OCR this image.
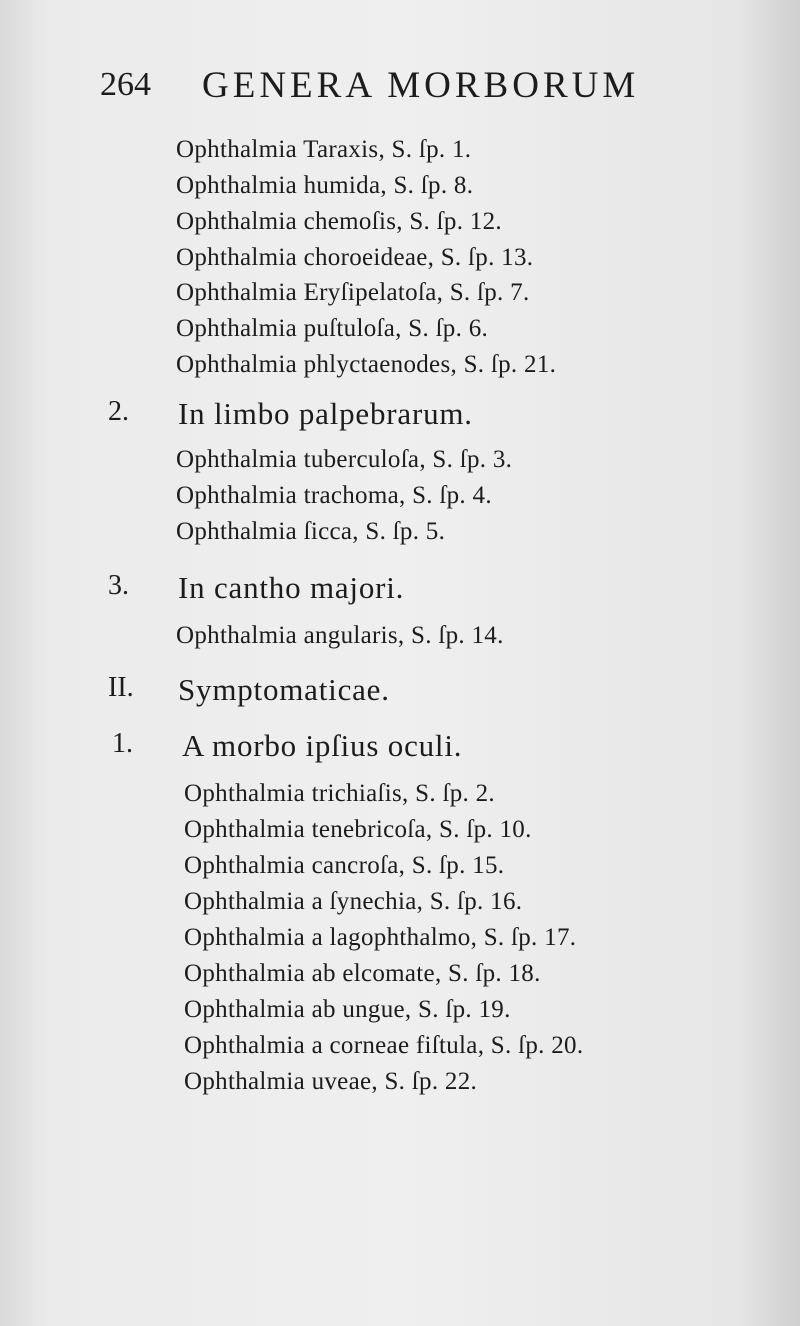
264 GENERA MORBORUM
Ophthalmia Taraxis, S. ſp. 1.
Ophthalmia humida, S. ſp. 8.
Ophthalmia chemoſis, S. ſp. 12.
Ophthalmia choroeideae, S. ſp. 13.
Ophthalmia Eryſipelatoſa, S. ſp. 7.
Ophthalmia puſtuloſa, S. ſp. 6.
Ophthalmia phlyctaenodes, S. ſp. 21.
2. In limbo palpebrarum.
Ophthalmia tuberculoſa, S. ſp. 3.
Ophthalmia trachoma, S. ſp. 4.
Ophthalmia ſicca, S. ſp. 5.
3. In cantho majori.
Ophthalmia angularis, S. ſp. 14.
II. Symptomaticae.
1. A morbo ipſius oculi.
Ophthalmia trichiaſis, S. ſp. 2.
Ophthalmia tenebricoſa, S. ſp. 10.
Ophthalmia cancroſa, S. ſp. 15.
Ophthalmia a ſynechia, S. ſp. 16.
Ophthalmia a lagophthalmo, S. ſp. 17.
Ophthalmia ab elcomate, S. ſp. 18.
Ophthalmia ab ungue, S. ſp. 19.
Ophthalmia a corneae fiſtula, S. ſp. 20.
Ophthalmia uveae, S. ſp. 22.
